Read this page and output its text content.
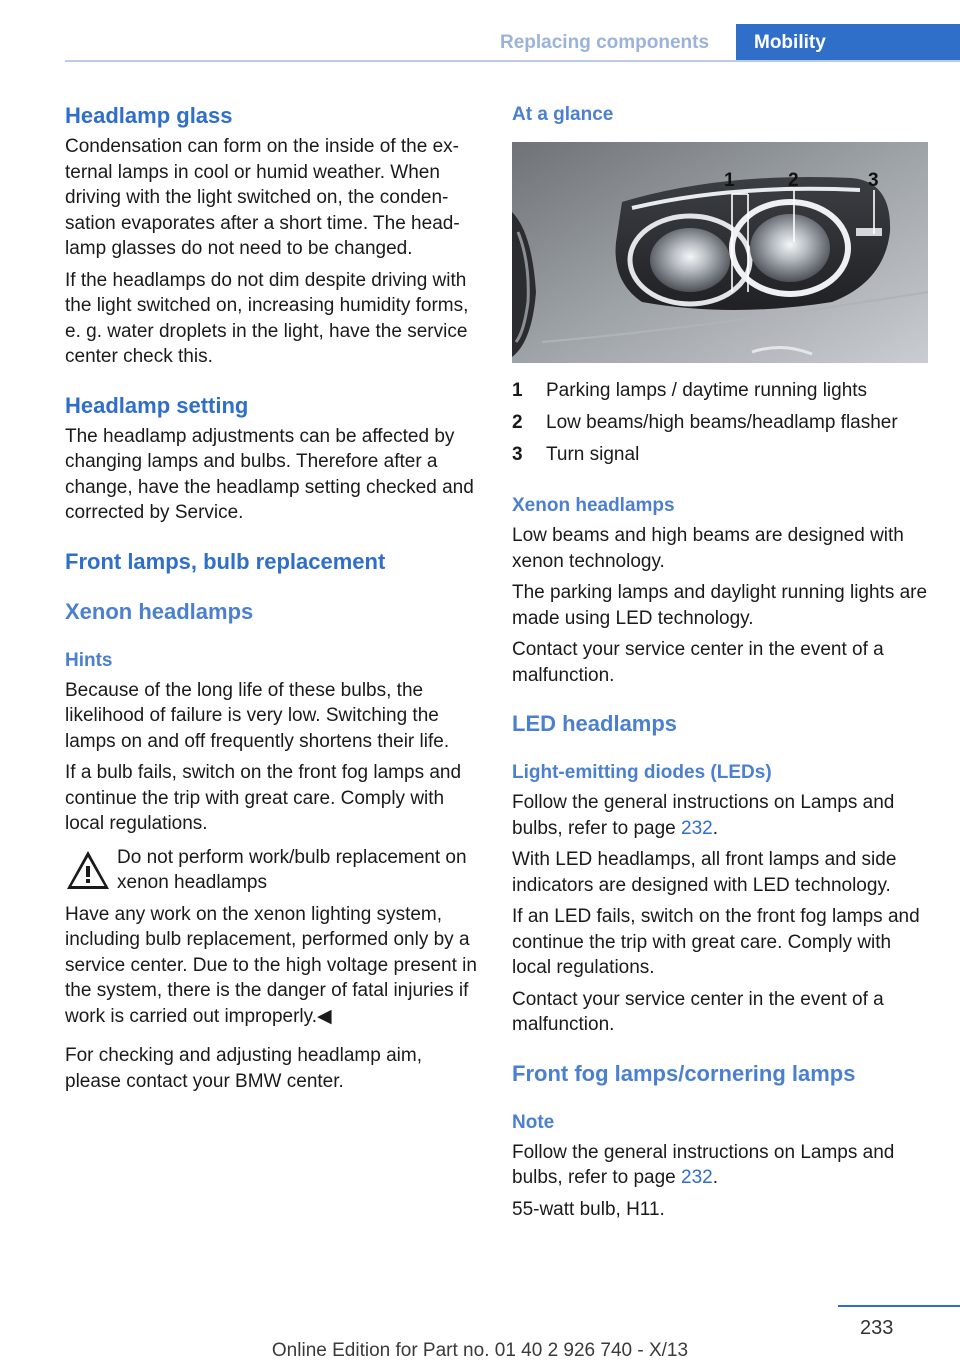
Replacing components	Mobility
Headlamp glass
Condensation can form on the inside of the ex‐ternal lamps in cool or humid weather. When driving with the light switched on, the conden‐sation evaporates after a short time. The head‐lamp glasses do not need to be changed.
If the headlamps do not dim despite driving with the light switched on, increasing humidity forms, e. g. water droplets in the light, have the service center check this.
Headlamp setting
The headlamp adjustments can be affected by changing lamps and bulbs. Therefore after a change, have the headlamp setting checked and corrected by Service.
Front lamps, bulb replacement
Xenon headlamps
Hints
Because of the long life of these bulbs, the likelihood of failure is very low. Switching the lamps on and off frequently shortens their life.
If a bulb fails, switch on the front fog lamps and continue the trip with great care. Comply with local regulations.
Do not perform work/bulb replacement on xenon headlamps
Have any work on the xenon lighting system, including bulb replacement, performed only by a service center. Due to the high voltage present in the system, there is the danger of fatal injuries if work is carried out improperly.◀
For checking and adjusting headlamp aim, please contact your BMW center.
At a glance
1	2	3
1	Parking lamps / daytime running lights
2	Low beams/high beams/headlamp flasher
3	Turn signal
Xenon headlamps
Low beams and high beams are designed with xenon technology.
The parking lamps and daylight running lights are made using LED technology.
Contact your service center in the event of a malfunction.
LED headlamps
Light-emitting diodes (LEDs)
Follow the general instructions on Lamps and bulbs, refer to page 232.
With LED headlamps, all front lamps and side indicators are designed with LED technology.
If an LED fails, switch on the front fog lamps and continue the trip with great care. Comply with local regulations.
Contact your service center in the event of a malfunction.
Front fog lamps/cornering lamps
Note
Follow the general instructions on Lamps and bulbs, refer to page 232.
55-watt bulb, H11.
233
Online Edition for Part no. 01 40 2 926 740 - X/13
